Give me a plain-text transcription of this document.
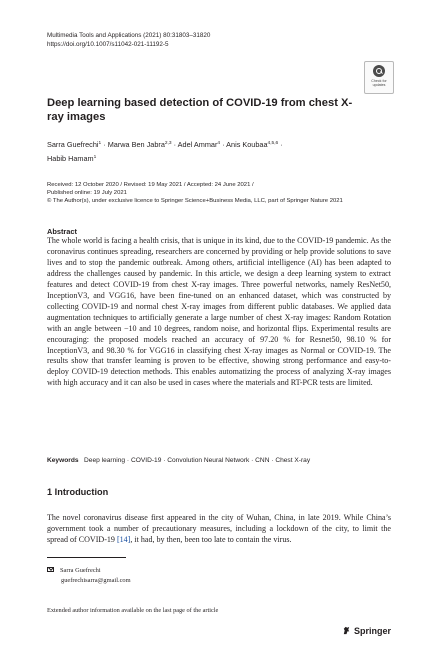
Multimedia Tools and Applications (2021) 80:31803–31820
https://doi.org/10.1007/s11042-021-11192-5
Check for
updates
Deep learning based detection of COVID-19 from chest X-ray images
Sarra Guefrechi$^1$ · Marwa Ben Jabra$^{2,3}$ · Adel Ammar$^4$ · Anis Koubaa$^{4,5,6}$ ·
Habib Hamam$^1$
Received: 12 October 2020 / Revised: 19 May 2021 / Accepted: 24 June 2021 /
Published online: 19 July 2021
© The Author(s), under exclusive licence to Springer Science+Business Media, LLC, part of Springer Nature 2021
Abstract
The whole world is facing a health crisis, that is unique in its kind, due to the COVID-19 pandemic. As the coronavirus continues spreading, researchers are concerned by providing or help provide solutions to save lives and to stop the pandemic outbreak. Among others, artificial intelligence (AI) has been adapted to address the challenges caused by pandemic. In this article, we design a deep learning system to extract features and detect COVID-19 from chest X-ray images. Three powerful networks, namely ResNet50, InceptionV3, and VGG16, have been fine-tuned on an enhanced dataset, which was constructed by collecting COVID-19 and normal chest X-ray images from different public databases. We applied data augmentation techniques to artificially generate a large number of chest X-ray images: Random Rotation with an angle between −10 and 10 degrees, random noise, and horizontal flips. Experimental results are encouraging: the proposed models reached an accuracy of 97.20 % for Resnet50, 98.10 % for InceptionV3, and 98.30 % for VGG16 in classifying chest X-ray images as Normal or COVID-19. The results show that transfer learning is proven to be effective, showing strong performance and easy-to-deploy COVID-19 detection methods. This enables automatizing the process of analyzing X-ray images with high accuracy and it can also be used in cases where the materials and RT-PCR tests are limited.
Keywords Deep learning · COVID-19 · Convolution Neural Network · CNN · Chest X-ray
1 Introduction
The novel coronavirus disease first appeared in the city of Wuhan, China, in late 2019. While China’s government took a number of precautionary measures, including a lockdown of the city, to limit the spread of COVID-19 [14], it had, by then, been too late to contain the virus.
Sarra Guefrechi
guefrechisarra@gmail.com
Extended author information available on the last page of the article
Springer
